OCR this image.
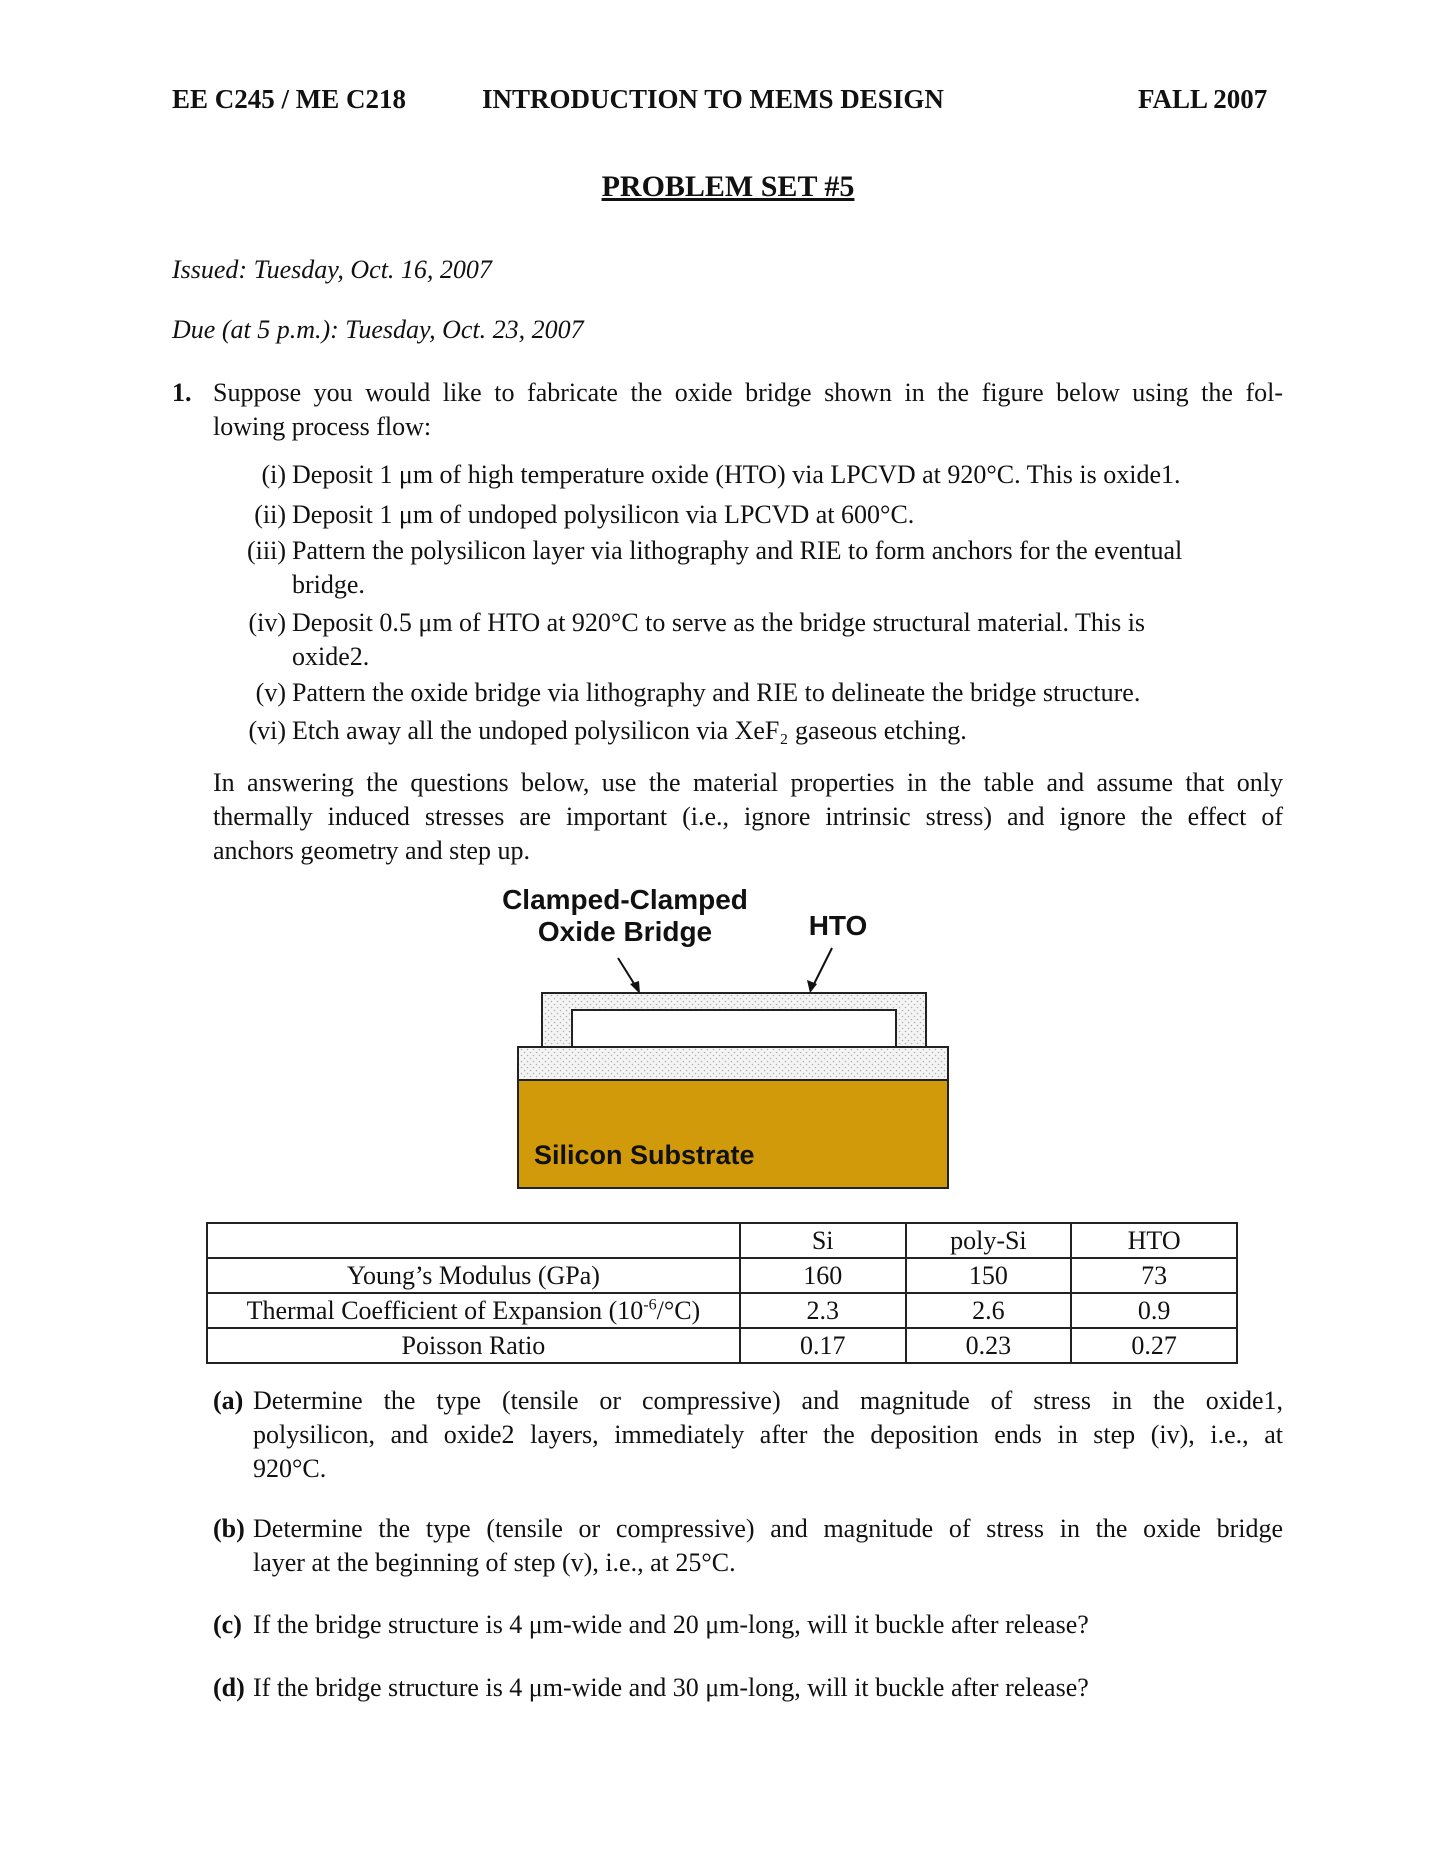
EE C245 / ME C218	INTRODUCTION TO MEMS DESIGN	FALL 2007
PROBLEM SET #5
Issued: Tuesday, Oct. 16, 2007
Due (at 5 p.m.): Tuesday, Oct. 23, 2007
1. Suppose you would like to fabricate the oxide bridge shown in the figure below using the fol-
lowing process flow:
(i) Deposit 1 μm of high temperature oxide (HTO) via LPCVD at 920°C. This is oxide1.
(ii) Deposit 1 μm of undoped polysilicon via LPCVD at 600°C.
(iii) Pattern the polysilicon layer via lithography and RIE to form anchors for the eventual
bridge.
(iv) Deposit 0.5 μm of HTO at 920°C to serve as the bridge structural material. This is
oxide2.
(v) Pattern the oxide bridge via lithography and RIE to delineate the bridge structure.
(vi) Etch away all the undoped polysilicon via XeF₂ gaseous etching.
In answering the questions below, use the material properties in the table and assume that only
thermally induced stresses are important (i.e., ignore intrinsic stress) and ignore the effect of
anchors geometry and step up.
Clamped-Clamped
Oxide Bridge	HTO
Silicon Substrate
	Si	poly-Si	HTO
Young’s Modulus (GPa)	160	150	73
Thermal Coefficient of Expansion $(10^{-6}/^\circ C)$	2.3	2.6	0.9
Poisson Ratio	0.17	0.23	0.27
(a) Determine the type (tensile or compressive) and magnitude of stress in the oxide1,
polysilicon, and oxide2 layers, immediately after the deposition ends in step (iv), i.e., at
920°C.
(b) Determine the type (tensile or compressive) and magnitude of stress in the oxide bridge
layer at the beginning of step (v), i.e., at 25°C.
(c) If the bridge structure is 4 μm-wide and 20 μm-long, will it buckle after release?
(d) If the bridge structure is 4 μm-wide and 30 μm-long, will it buckle after release?
